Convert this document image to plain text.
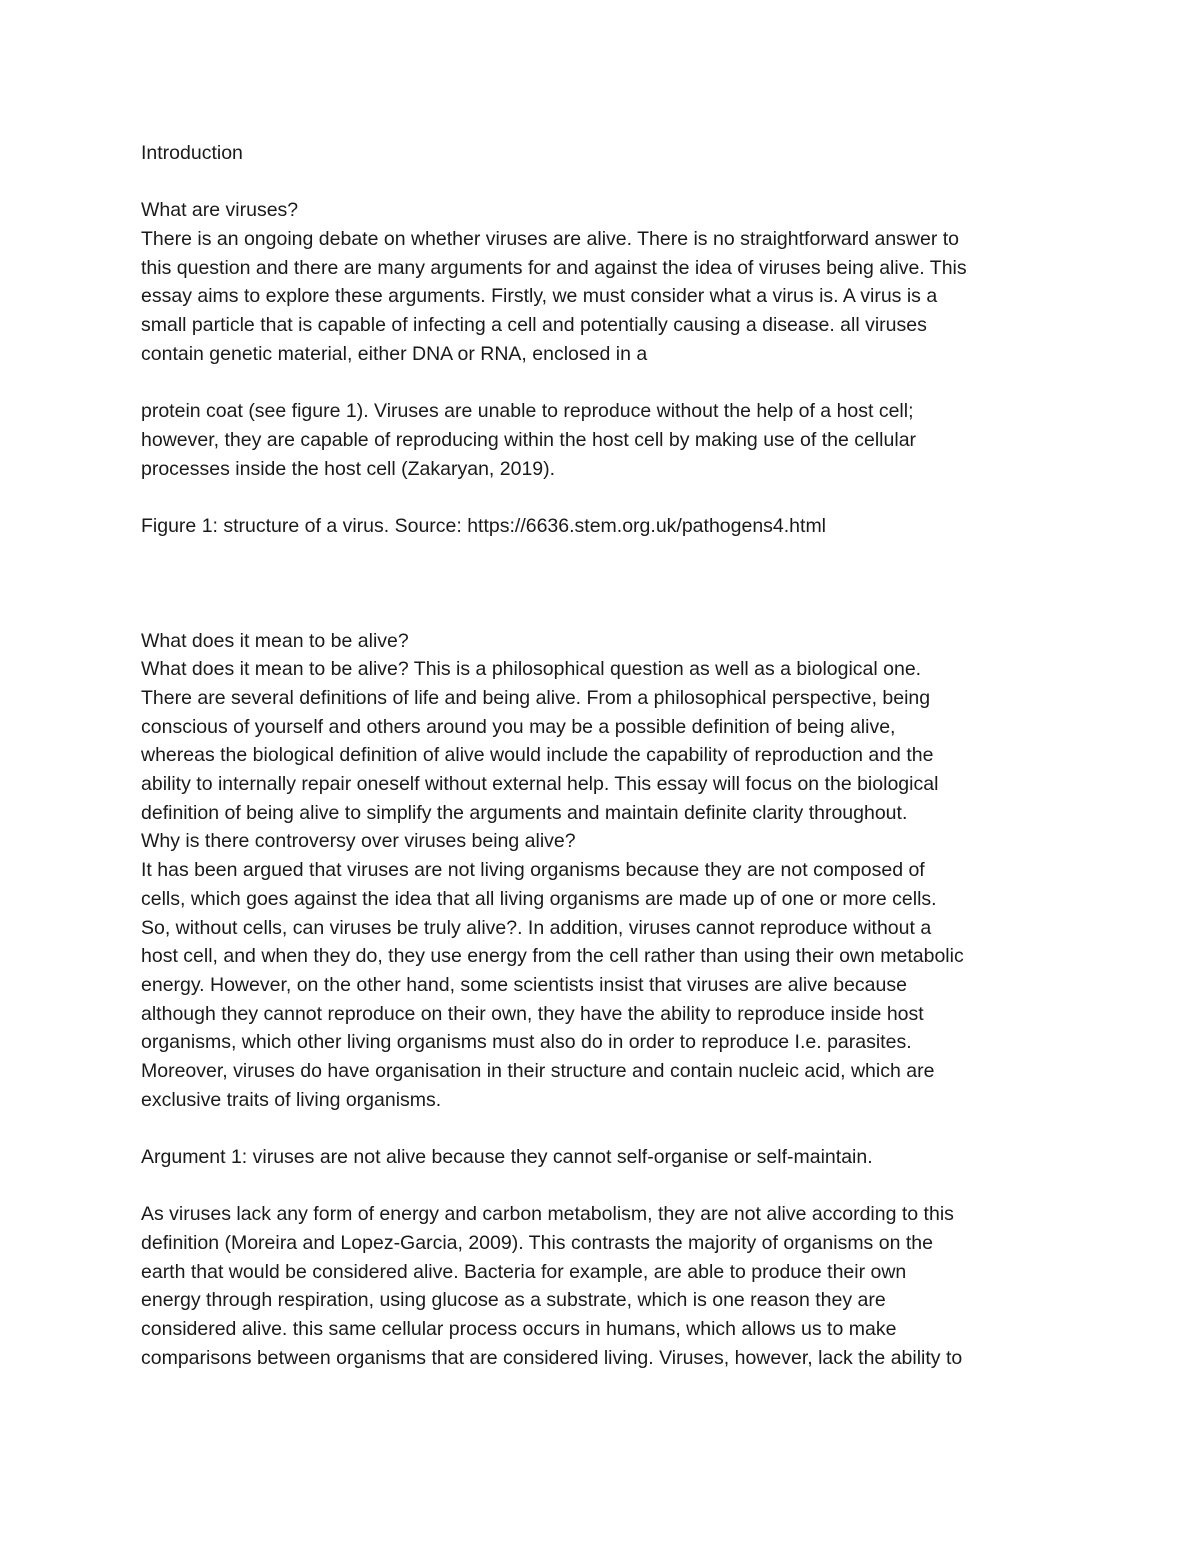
Introduction
What are viruses?
There is an ongoing debate on whether viruses are alive. There is no straightforward answer to
this question and there are many arguments for and against the idea of viruses being alive. This
essay aims to explore these arguments. Firstly, we must consider what a virus is. A virus is a
small particle that is capable of infecting a cell and potentially causing a disease. all viruses
contain genetic material, either DNA or RNA, enclosed in a
protein coat (see figure 1). Viruses are unable to reproduce without the help of a host cell;
however, they are capable of reproducing within the host cell by making use of the cellular
processes inside the host cell (Zakaryan, 2019).
Figure 1: structure of a virus. Source: https://6636.stem.org.uk/pathogens4.html
What does it mean to be alive?
What does it mean to be alive? This is a philosophical question as well as a biological one.
There are several definitions of life and being alive. From a philosophical perspective, being
conscious of yourself and others around you may be a possible definition of being alive,
whereas the biological definition of alive would include the capability of reproduction and the
ability to internally repair oneself without external help. This essay will focus on the biological
definition of being alive to simplify the arguments and maintain definite clarity throughout.
Why is there controversy over viruses being alive?
It has been argued that viruses are not living organisms because they are not composed of
cells, which goes against the idea that all living organisms are made up of one or more cells.
So, without cells, can viruses be truly alive?. In addition, viruses cannot reproduce without a
host cell, and when they do, they use energy from the cell rather than using their own metabolic
energy. However, on the other hand, some scientists insist that viruses are alive because
although they cannot reproduce on their own, they have the ability to reproduce inside host
organisms, which other living organisms must also do in order to reproduce I.e. parasites.
Moreover, viruses do have organisation in their structure and contain nucleic acid, which are
exclusive traits of living organisms.
Argument 1: viruses are not alive because they cannot self-organise or self-maintain.
As viruses lack any form of energy and carbon metabolism, they are not alive according to this
definition (Moreira and Lopez-Garcia, 2009). This contrasts the majority of organisms on the
earth that would be considered alive. Bacteria for example, are able to produce their own
energy through respiration, using glucose as a substrate, which is one reason they are
considered alive. this same cellular process occurs in humans, which allows us to make
comparisons between organisms that are considered living. Viruses, however, lack the ability to
